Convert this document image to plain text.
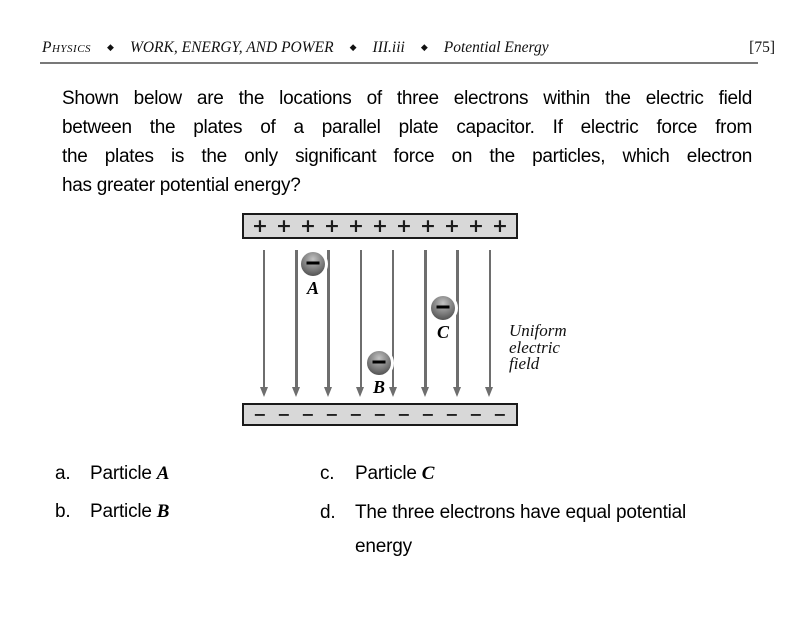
Physics ◆ WORK, ENERGY, AND POWER ◆ III.iii ◆ Potential Energy	[75]
Shown below are the locations of three electrons within the electric field
between the plates of a parallel plate capacitor. If electric force from
the plates is the only significant force on the particles, which electron
has greater potential energy?
+ + + + + + + + + + +
− − − − − − − − − − −
Uniform
electric
field
A
B
C
a.	Particle A
b.	Particle B
c.	Particle C
d.	The three electrons have equal potential
energy
